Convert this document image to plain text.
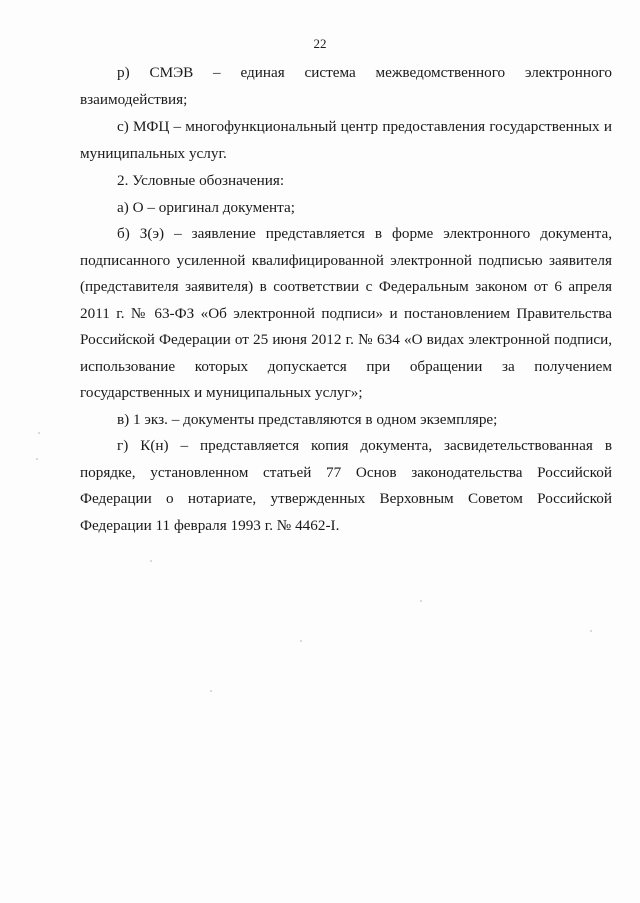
22

р) СМЭВ – единая система межведомственного электронного взаимодействия;

с) МФЦ – многофункциональный центр предоставления государственных и муниципальных услуг.

2. Условные обозначения:

а) О – оригинал документа;

б) З(э) – заявление представляется в форме электронного документа, подписанного усиленной квалифицированной электронной подписью заявителя (представителя заявителя) в соответствии с Федеральным законом от 6 апреля 2011 г. № 63-ФЗ «Об электронной подписи» и постановлением Правительства Российской Федерации от 25 июня 2012 г. № 634 «О видах электронной подписи, использование которых допускается при обращении за получением государственных и муниципальных услуг»;

в) 1 экз. – документы представляются в одном экземпляре;

г) К(н) – представляется копия документа, засвидетельствованная в порядке, установленном статьей 77 Основ законодательства Российской Федерации о нотариате, утвержденных Верховным Советом Российской Федерации 11 февраля 1993 г. № 4462-I.
